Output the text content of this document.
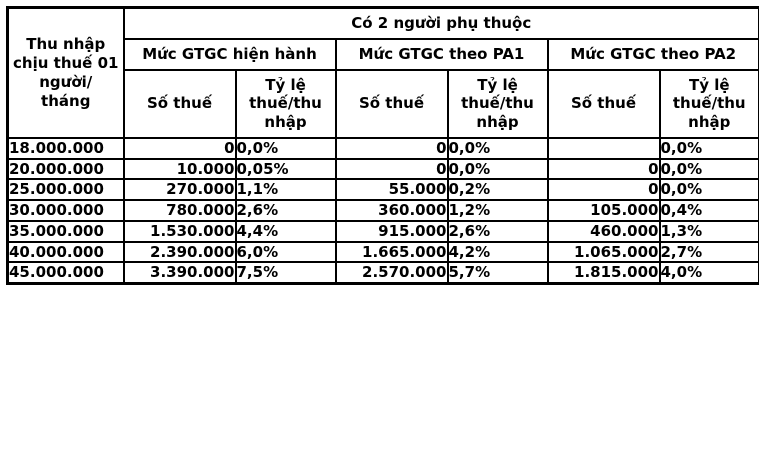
Thu nhập chịu thuế 01 người/ tháng	Có 2 người phụ thuộc					
	Mức GTGC hiện hành		Mức GTGC theo PA1		Mức GTGC theo PA2	
	Số thuế	Tỷ lệ thuế/thu nhập	Số thuế	Tỷ lệ thuế/thu nhập	Số thuế	Tỷ lệ thuế/thu nhập
18.000.000	0	0,0%	0	0,0%		0,0%
20.000.000	10.000	0,05%	0	0,0%	0	0,0%
25.000.000	270.000	1,1%	55.000	0,2%	0	0,0%
30.000.000	780.000	2,6%	360.000	1,2%	105.000	0,4%
35.000.000	1.530.000	4,4%	915.000	2,6%	460.000	1,3%
40.000.000	2.390.000	6,0%	1.665.000	4,2%	1.065.000	2,7%
45.000.000	3.390.000	7,5%	2.570.000	5,7%	1.815.000	4,0%
